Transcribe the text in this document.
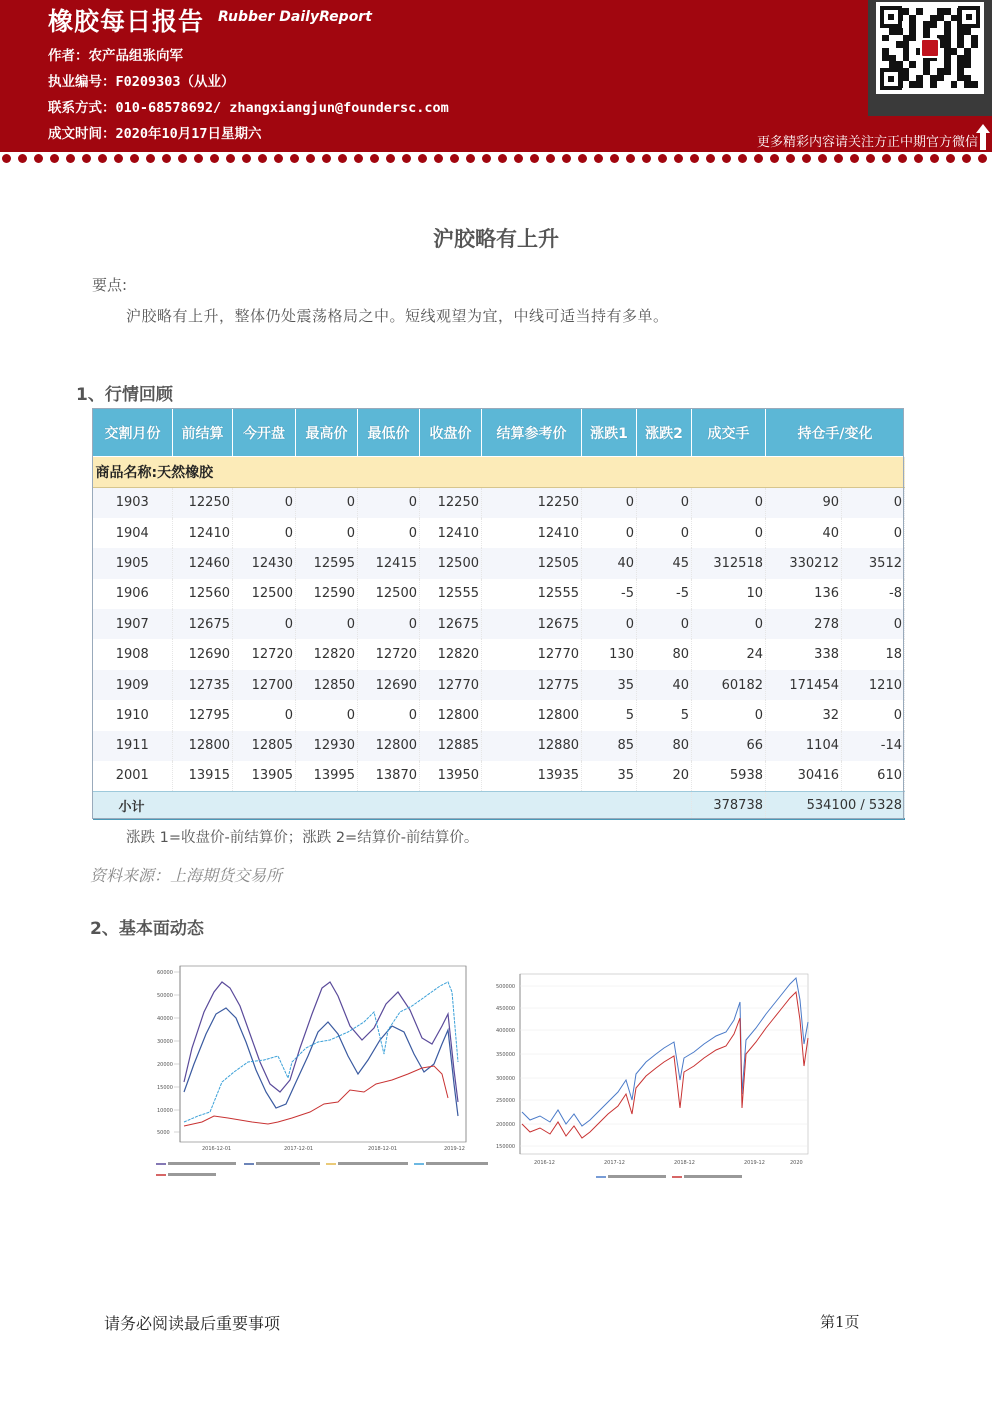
橡胶每日报告 Rubber DailyReport
作者：农产品组张向军
执业编号：F0209303（从业）
联系方式：010-68578692/ zhangxiangjun@foundersc.com
成文时间：2020年10月17日星期六
更多精彩内容请关注方正中期官方微信
沪胶略有上升
要点:
沪胶略有上升，整体仍处震荡格局之中。短线观望为宜，中线可适当持有多单。
1、行情回顾
交割月份	前结算	今开盘	最高价	最低价	收盘价	结算参考价	涨跌1	涨跌2	成交手	持仓手/变化	
商品名称:天然橡胶											
1903	12250	0	0	0	12250	12250	0	0	0	90	0
1904	12410	0	0	0	12410	12410	0	0	0	40	0
1905	12460	12430	12595	12415	12500	12505	40	45	312518	330212	3512
1906	12560	12500	12590	12500	12555	12555	-5	-5	10	136	-8
1907	12675	0	0	0	12675	12675	0	0	0	278	0
1908	12690	12720	12820	12720	12820	12770	130	80	24	338	18
1909	12735	12700	12850	12690	12770	12775	35	40	60182	171454	1210
1910	12795	0	0	0	12800	12800	5	5	0	32	0
1911	12800	12805	12930	12800	12885	12880	85	80	66	1104	-14
2001	13915	13905	13995	13870	13950	13935	35	20	5938	30416	610
小计									378738	534100 / 5328	
涨跌 1=收盘价-前结算价；涨跌 2=结算价-前结算价。
资料来源：上海期货交易所
2、基本面动态
60000
50000
40000
30000
20000
15000
10000
5000
2016-12-01	2017-12-01	2018-12-01	2019-12
500000
450000
400000
350000
300000
250000
200000
150000
2016-12	2017-12	2018-12	2019-12	2020
请务必阅读最后重要事项	第1页
